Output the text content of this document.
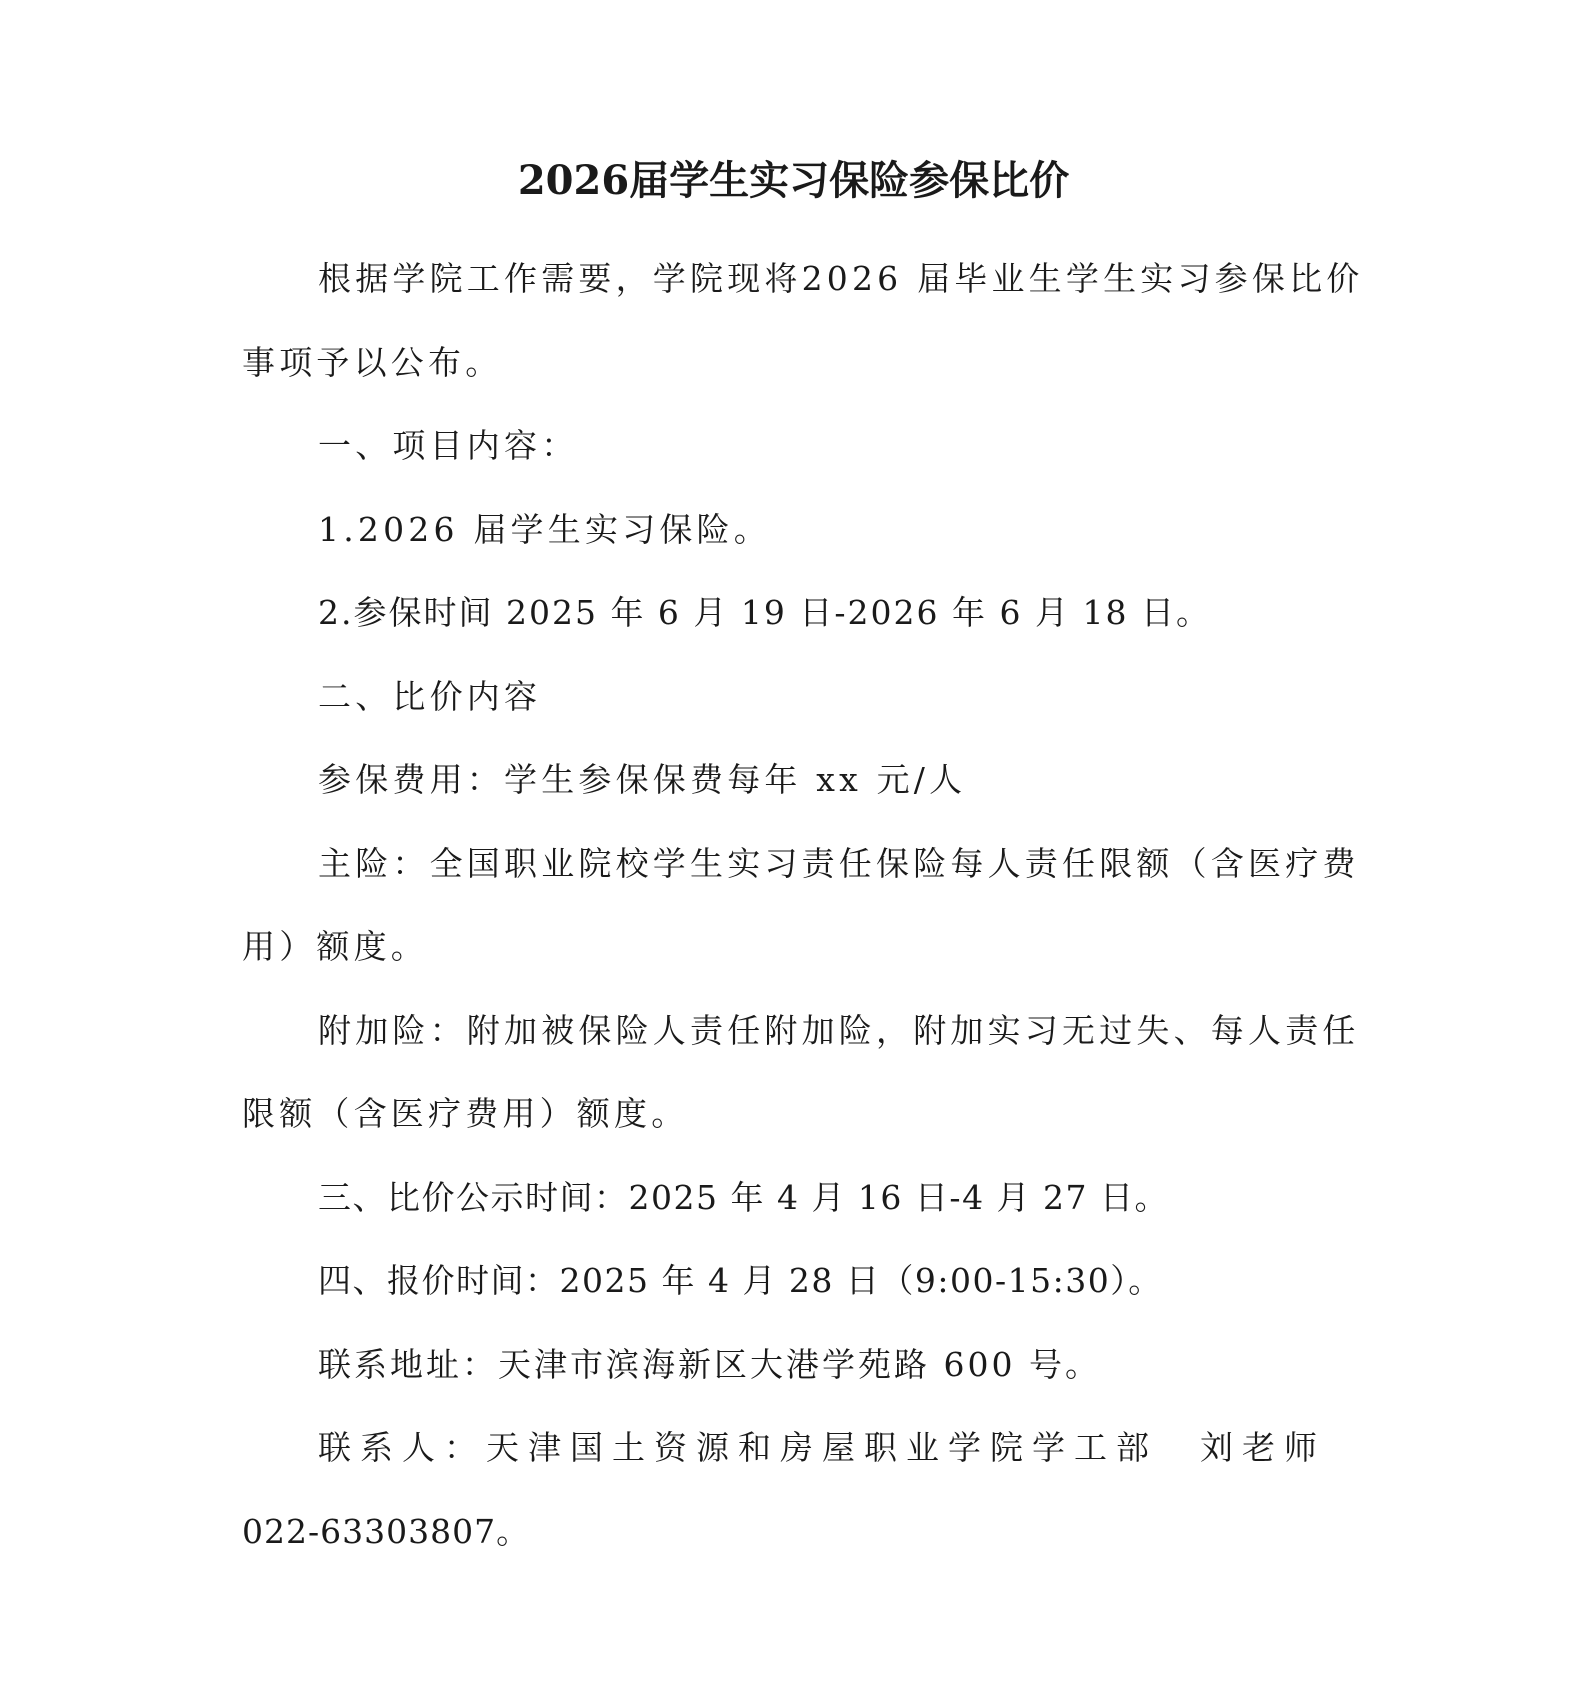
2026届学生实习保险参保比价
根据学院工作需要，学院现将2026 届毕业生学生实习参保比价
事项予以公布。
一、项目内容：
1.2026 届学生实习保险。
2.参保时间 2025 年 6 月 19 日-2026 年 6 月 18 日。
二、比价内容
参保费用：学生参保保费每年 xx 元/人
主险：全国职业院校学生实习责任保险每人责任限额（含医疗费
用）额度。
附加险：附加被保险人责任附加险，附加实习无过失、每人责任
限额（含医疗费用）额度。
三、比价公示时间：2025 年 4 月 16 日-4 月 27 日。
四、报价时间：2025 年 4 月 28 日（9:00-15:30）。
联系地址：天津市滨海新区大港学苑路 600 号。
联系人：天津国土资源和房屋职业学院学工部　刘老师
022-63303807。
